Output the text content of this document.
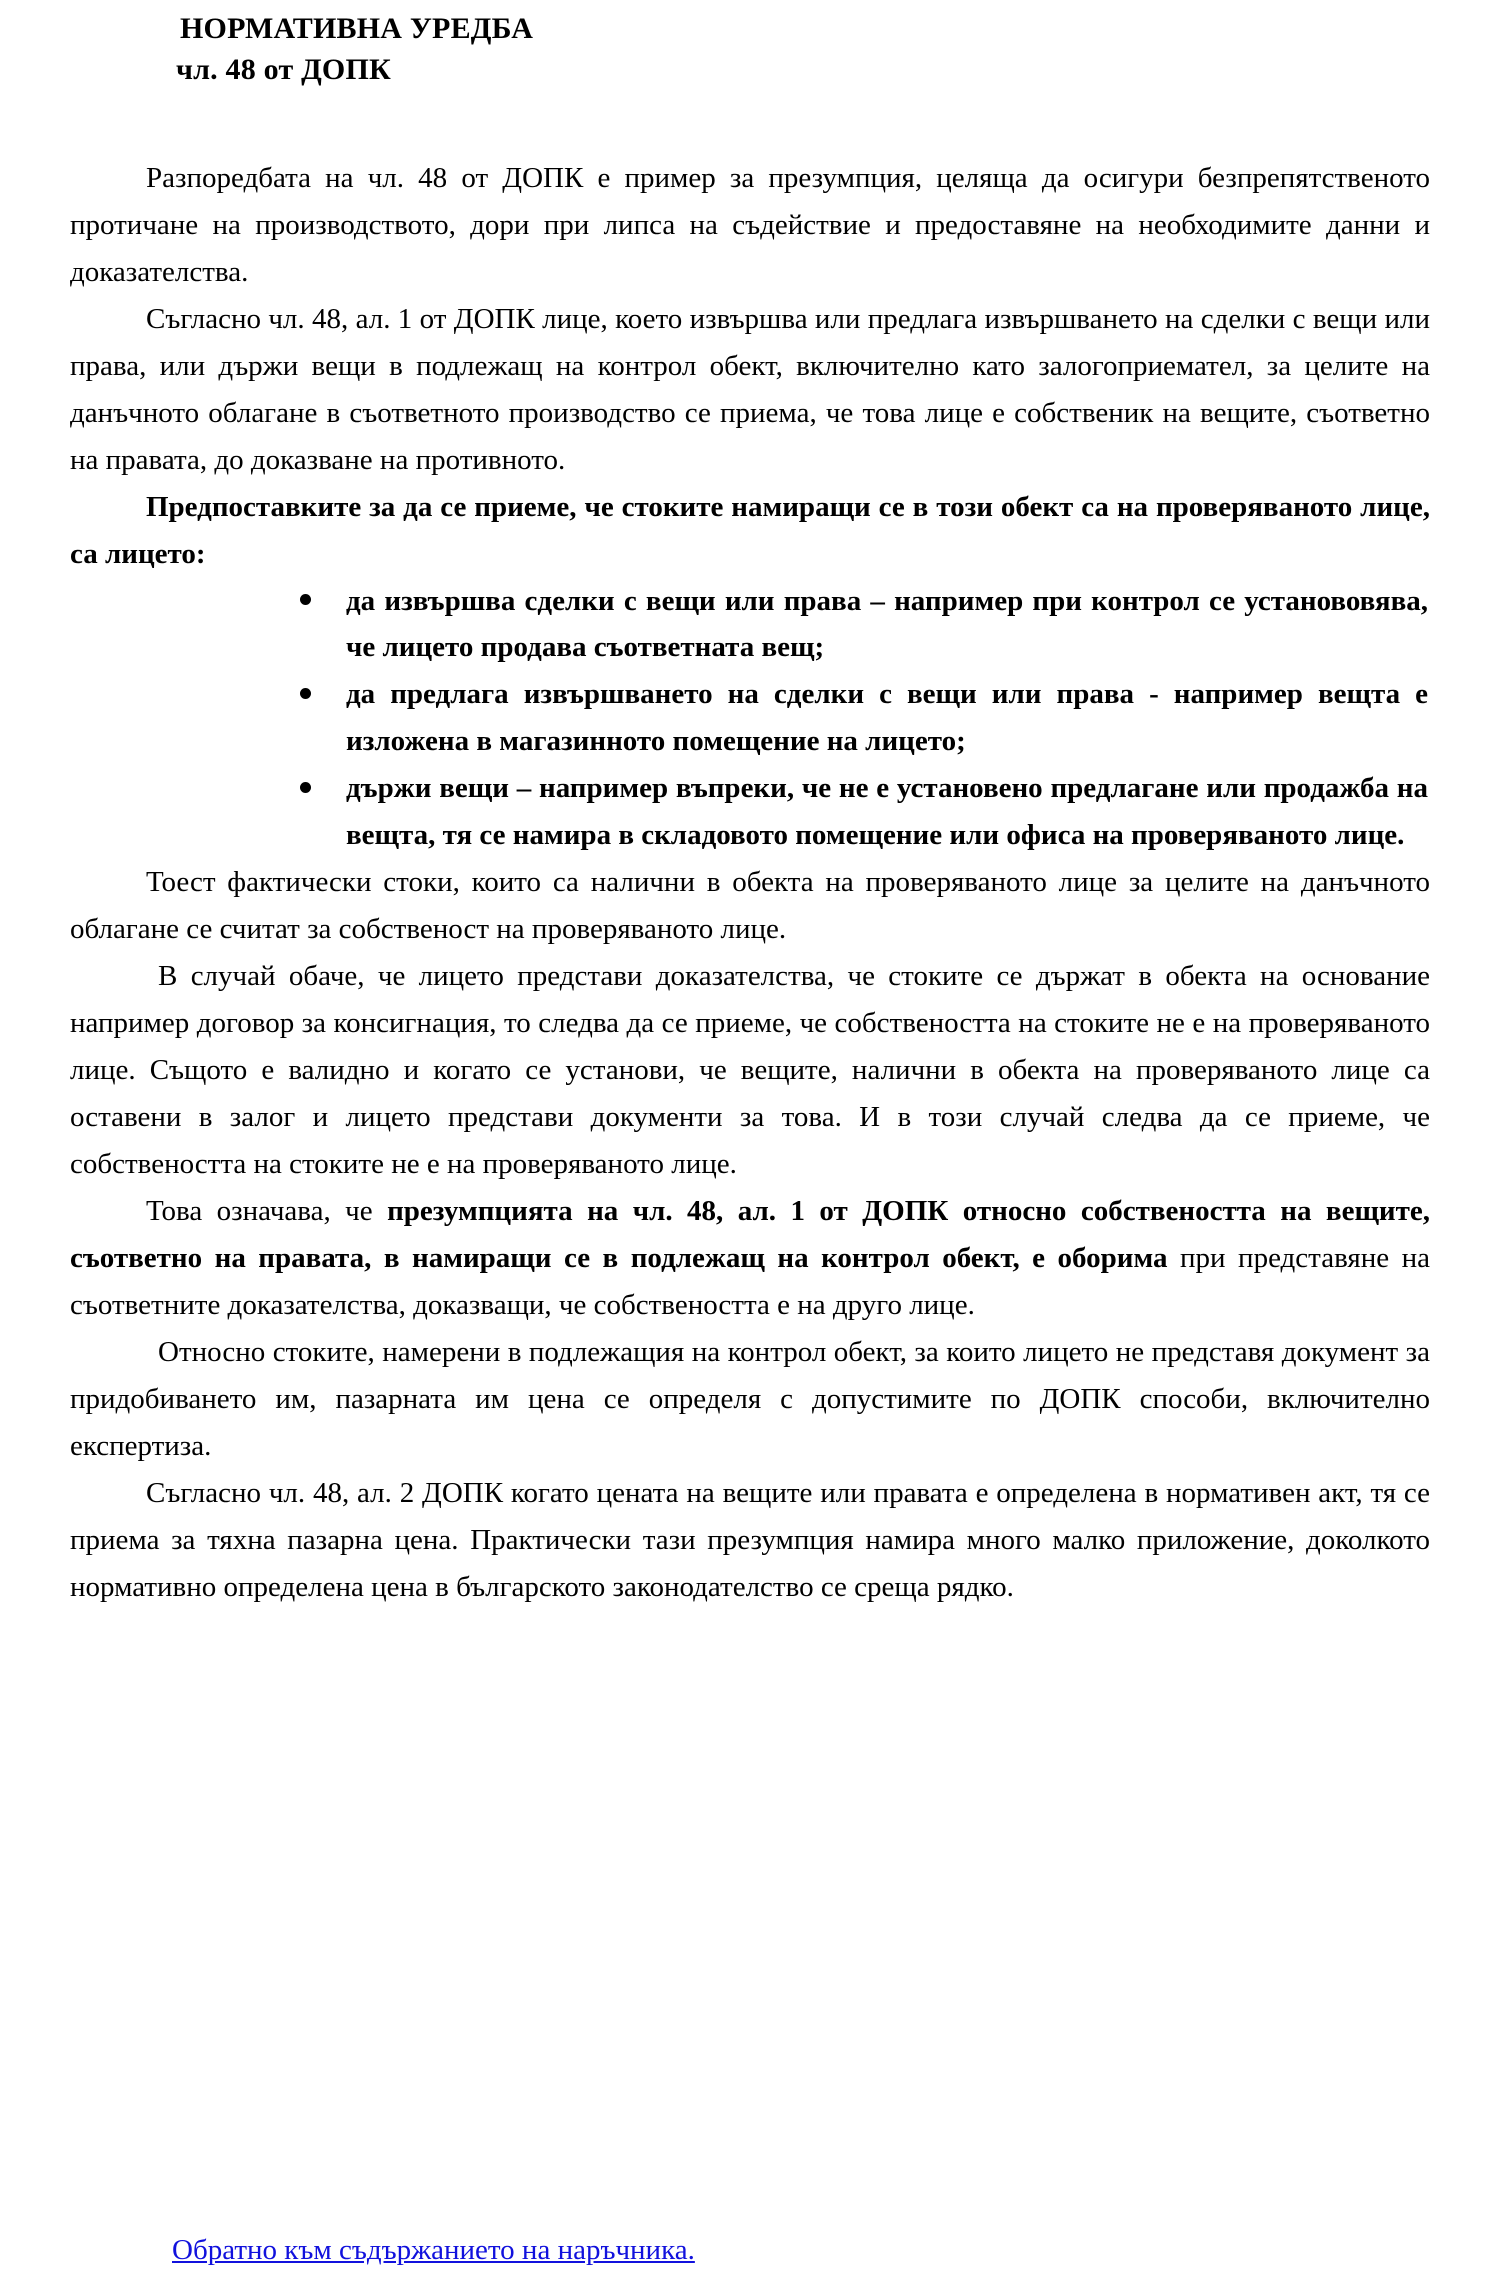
НОРМАТИВНА УРЕДБА
чл. 48 от ДОПК

Разпоредбата на чл. 48 от ДОПК е пример за презумпция, целяща да осигури безпрепятственото протичане на производството, дори при липса на съдействие и предоставяне на необходимите данни и доказателства.

Съгласно чл. 48, ал. 1 от ДОПК лице, което извършва или предлага извършването на сделки с вещи или права, или държи вещи в подлежащ на контрол обект, включително като залогоприемател, за целите на данъчното облагане в съответното производство се приема, че това лице е собственик на вещите, съответно на правата, до доказване на противното.

Предпоставките за да се приеме, че стоките намиращи се в този обект са на проверяваното лице, са лицето:

да извършва сделки с вещи или права – например при контрол се установовява, че лицето продава съответната вещ;
да предлага извършването на сделки с вещи или права - например вещта е изложена в магазинното помещение на лицето;
държи вещи – например въпреки, че не е установено предлагане или продажба на вещта, тя се намира в складовото помещение или офиса на проверяваното лице.

Тоест фактически стоки, които са налични в обекта на проверяваното лице за целите на данъчното облагане се считат за собственост на проверяваното лице.

В случай обаче, че лицето представи доказателства, че стоките се държат в обекта на основание например договор за консигнация, то следва да се приеме, че собствеността на стоките не е на проверяваното лице. Същото е валидно и когато се установи, че вещите, налични в обекта на проверяваното лице са оставени в залог и лицето представи документи за това. И в този случай следва да се приеме, че собствеността на стоките не е на проверяваното лице.

Това означава, че презумпцията на чл. 48, ал. 1 от ДОПК относно собствеността на вещите, съответно на правата, в намиращи се в подлежащ на контрол обект, е оборима при представяне на съответните доказателства, доказващи, че собствеността е на друго лице.

Относно стоките, намерени в подлежащия на контрол обект, за които лицето не представя документ за придобиването им, пазарната им цена се определя с допустимите по ДОПК способи, включително експертиза.

Съгласно чл. 48, ал. 2 ДОПК когато цената на вещите или правата е определена в нормативен акт, тя се приема за тяхна пазарна цена. Практически тази презумпция намира много малко приложение, доколкото нормативно определена цена в българското законодателство се среща рядко.

Обратно към съдържанието на наръчника.
